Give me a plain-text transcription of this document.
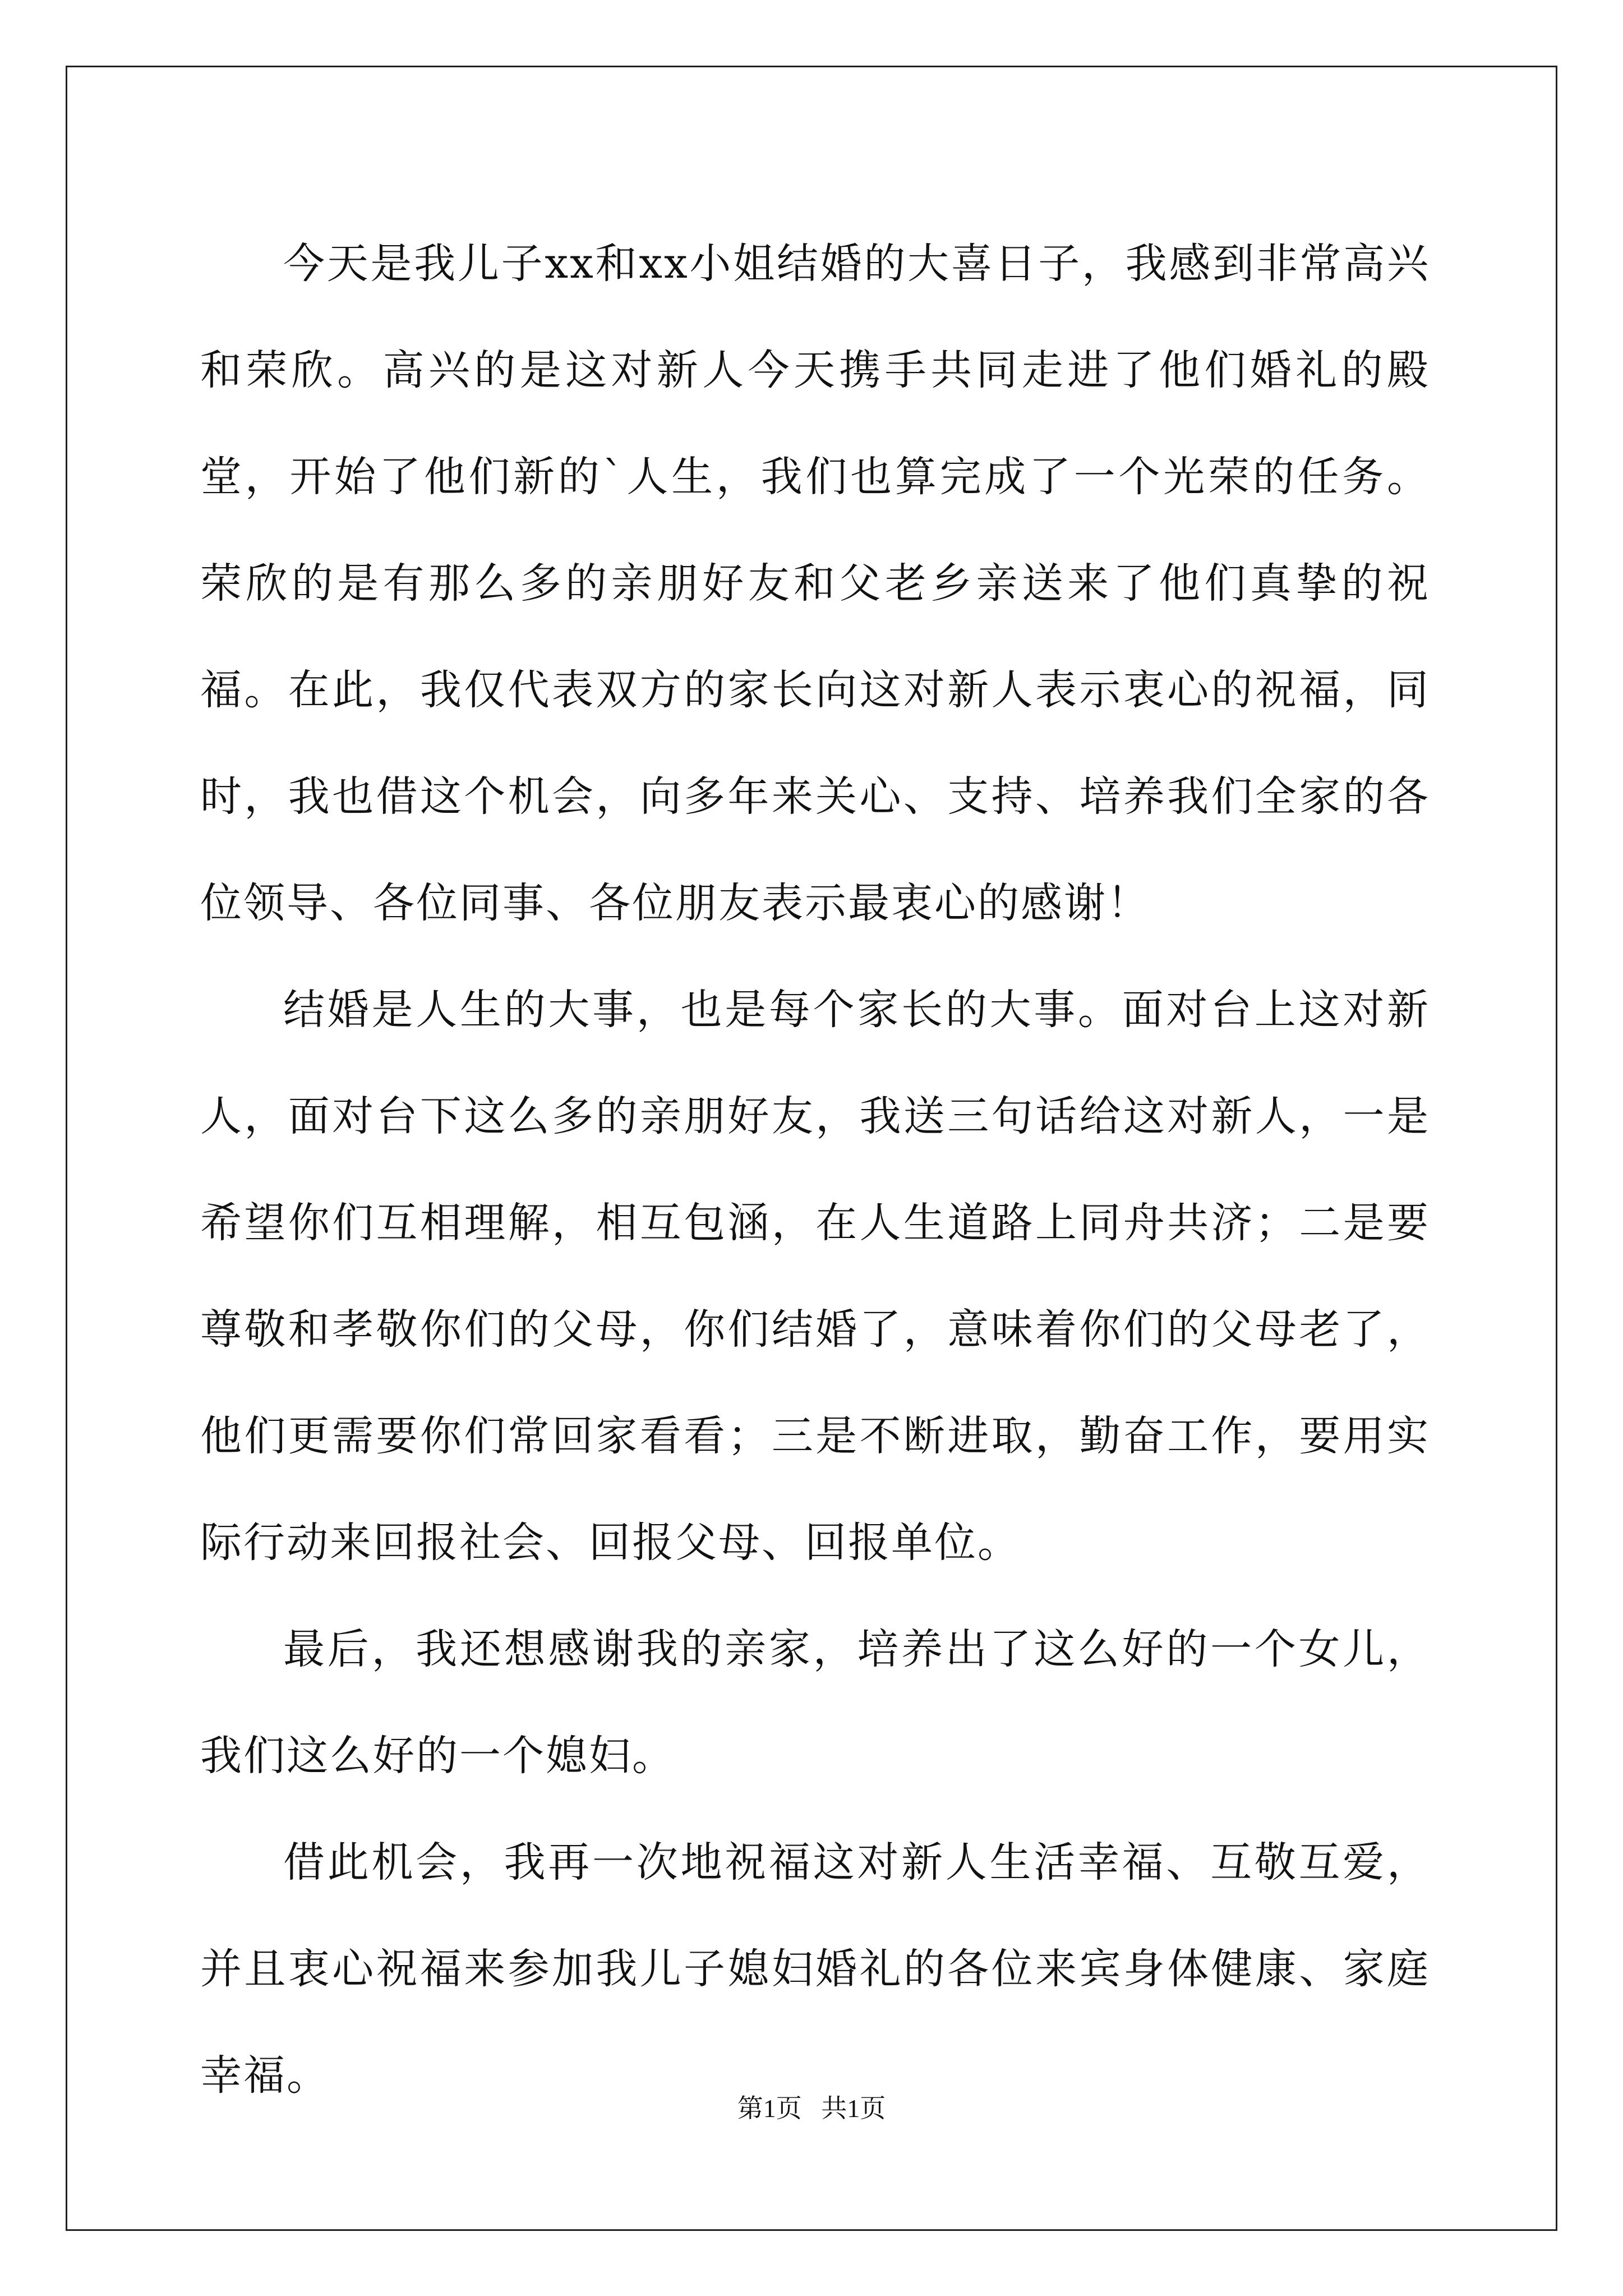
今天是我儿子xx和xx小姐结婚的大喜日子，我感到非常高兴和荣欣。高兴的是这对新人今天携手共同走进了他们婚礼的殿堂，开始了他们新的`人生，我们也算完成了一个光荣的任务。荣欣的是有那么多的亲朋好友和父老乡亲送来了他们真挚的祝福。在此，我仅代表双方的家长向这对新人表示衷心的祝福，同时，我也借这个机会，向多年来关心、支持、培养我们全家的各位领导、各位同事、各位朋友表示最衷心的感谢！

结婚是人生的大事，也是每个家长的大事。面对台上这对新人，面对台下这么多的亲朋好友，我送三句话给这对新人，一是希望你们互相理解，相互包涵，在人生道路上同舟共济；二是要尊敬和孝敬你们的父母，你们结婚了，意味着你们的父母老了，他们更需要你们常回家看看；三是不断进取，勤奋工作，要用实际行动来回报社会、回报父母、回报单位。

最后，我还想感谢我的亲家，培养出了这么好的一个女儿，我们这么好的一个媳妇。

借此机会，我再一次地祝福这对新人生活幸福、互敬互爱，并且衷心祝福来参加我儿子媳妇婚礼的各位来宾身体健康、家庭幸福。

第1页   共1页
